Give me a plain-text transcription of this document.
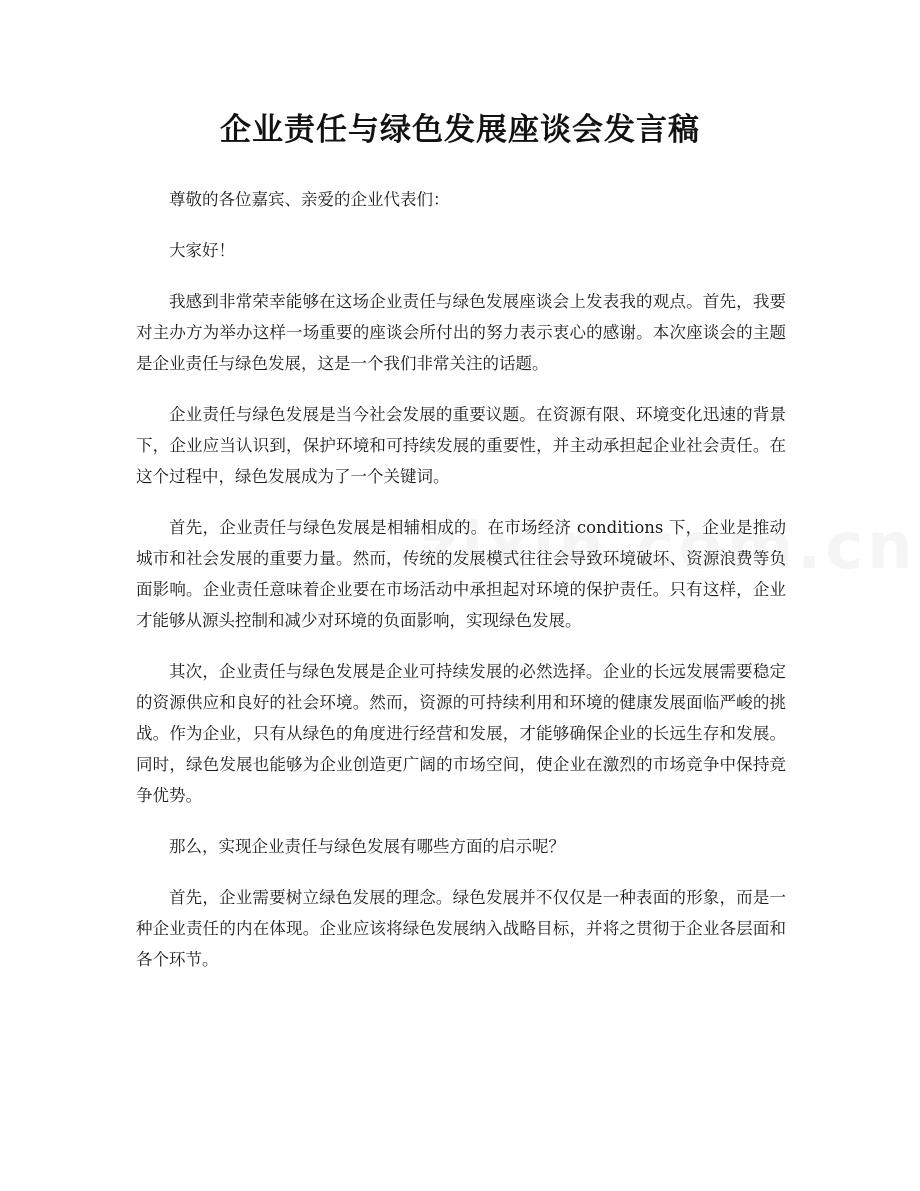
企业责任与绿色发展座谈会发言稿

尊敬的各位嘉宾、亲爱的企业代表们：

大家好！

我感到非常荣幸能够在这场企业责任与绿色发展座谈会上发表我的观点。首先，我要对主办方为举办这样一场重要的座谈会所付出的努力表示衷心的感谢。本次座谈会的主题是企业责任与绿色发展，这是一个我们非常关注的话题。

企业责任与绿色发展是当今社会发展的重要议题。在资源有限、环境变化迅速的背景下，企业应当认识到，保护环境和可持续发展的重要性，并主动承担起企业社会责任。在这个过程中，绿色发展成为了一个关键词。

首先，企业责任与绿色发展是相辅相成的。在市场经济 conditions 下，企业是推动城市和社会发展的重要力量。然而，传统的发展模式往往会导致环境破坏、资源浪费等负面影响。企业责任意味着企业要在市场活动中承担起对环境的保护责任。只有这样，企业才能够从源头控制和减少对环境的负面影响，实现绿色发展。

其次，企业责任与绿色发展是企业可持续发展的必然选择。企业的长远发展需要稳定的资源供应和良好的社会环境。然而，资源的可持续利用和环境的健康发展面临严峻的挑战。作为企业，只有从绿色的角度进行经营和发展，才能够确保企业的长远生存和发展。同时，绿色发展也能够为企业创造更广阔的市场空间，使企业在激烈的市场竞争中保持竞争优势。

那么，实现企业责任与绿色发展有哪些方面的启示呢？

首先，企业需要树立绿色发展的理念。绿色发展并不仅仅是一种表面的形象，而是一种企业责任的内在体现。企业应该将绿色发展纳入战略目标，并将之贯彻于企业各层面和各个环节。
